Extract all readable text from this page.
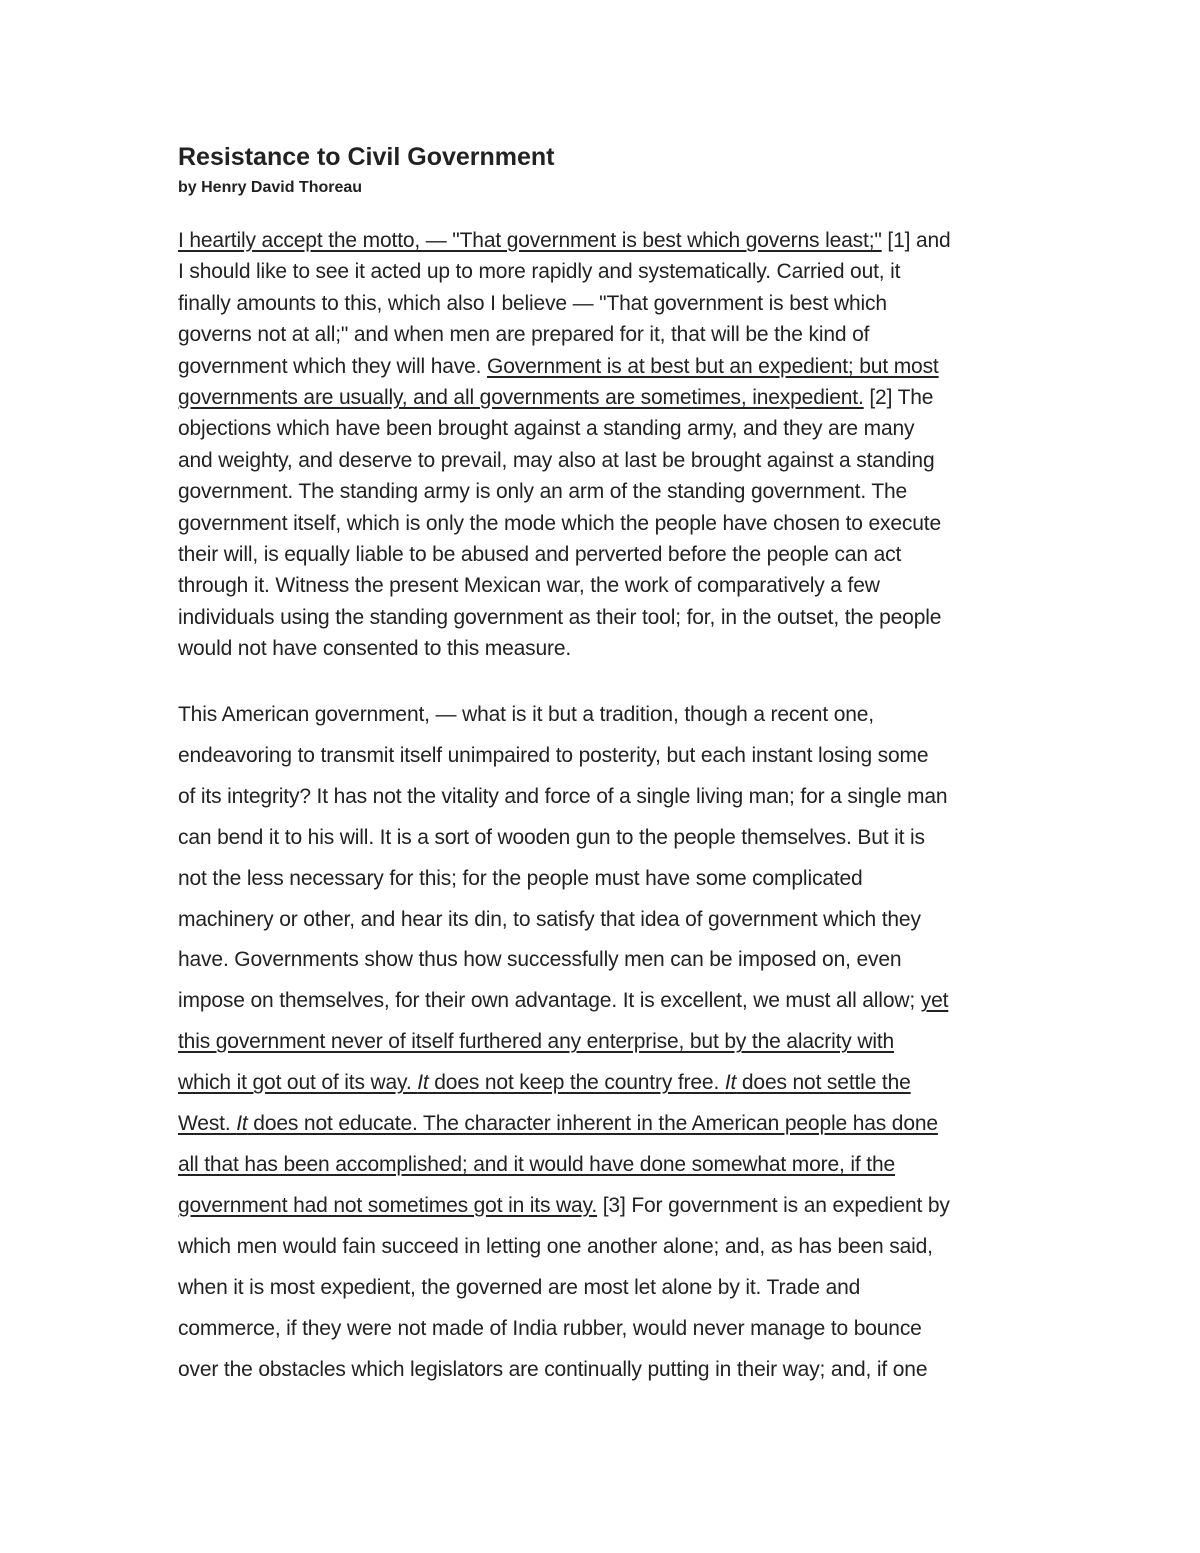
Resistance to Civil Government

by Henry David Thoreau

I heartily accept the motto, — "That government is best which governs least;" [1] and
I should like to see it acted up to more rapidly and systematically. Carried out, it
finally amounts to this, which also I believe — "That government is best which
governs not at all;" and when men are prepared for it, that will be the kind of
government which they will have. Government is at best but an expedient; but most
governments are usually, and all governments are sometimes, inexpedient. [2] The
objections which have been brought against a standing army, and they are many
and weighty, and deserve to prevail, may also at last be brought against a standing
government. The standing army is only an arm of the standing government. The
government itself, which is only the mode which the people have chosen to execute
their will, is equally liable to be abused and perverted before the people can act
through it. Witness the present Mexican war, the work of comparatively a few
individuals using the standing government as their tool; for, in the outset, the people
would not have consented to this measure.
This American government, — what is it but a tradition, though a recent one,
endeavoring to transmit itself unimpaired to posterity, but each instant losing some
of its integrity? It has not the vitality and force of a single living man; for a single man
can bend it to his will. It is a sort of wooden gun to the people themselves. But it is
not the less necessary for this; for the people must have some complicated
machinery or other, and hear its din, to satisfy that idea of government which they
have. Governments show thus how successfully men can be imposed on, even
impose on themselves, for their own advantage. It is excellent, we must all allow; yet
this government never of itself furthered any enterprise, but by the alacrity with
which it got out of its way. It does not keep the country free. It does not settle the
West. It does not educate. The character inherent in the American people has done
all that has been accomplished; and it would have done somewhat more, if the
government had not sometimes got in its way. [3] For government is an expedient by
which men would fain succeed in letting one another alone; and, as has been said,
when it is most expedient, the governed are most let alone by it. Trade and
commerce, if they were not made of India rubber, would never manage to bounce
over the obstacles which legislators are continually putting in their way; and, if one
